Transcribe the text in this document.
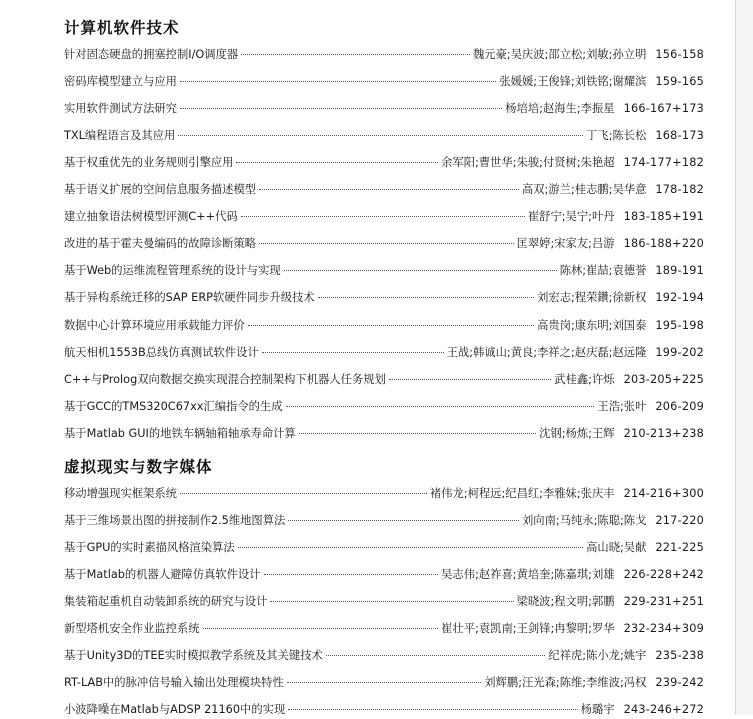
计算机软件技术
针对固态硬盘的拥塞控制I/O调度器	魏元豪;吴庆波;邵立松;刘敏;孙立明 156-158
密码库模型建立与应用	张媛媛;王俊锋;刘铁铭;谢耀滨 159-165
实用软件测试方法研究	杨培培;赵海生;李振星 166-167+173
TXL编程语言及其应用	丁飞;陈长松 168-173
基于权重优先的业务规则引擎应用	余军阳;曹世华;朱骏;付贤树;朱艳超 174-177+182
基于语义扩展的空间信息服务描述模型	高双;游兰;桂志鹏;吴华意 178-182
建立抽象语法树模型评测C++代码	崔舒宁;吴宁;叶丹 183-185+191
改进的基于霍夫曼编码的故障诊断策略	匡翠婷;宋家友;吕游 186-188+220
基于Web的运维流程管理系统的设计与实现	陈林;崔喆;袁德誉 189-191
基于异构系统迁移的SAP ERP软硬件同步升级技术	刘宏志;程荣鑽;徐新权 192-194
数据中心计算环境应用承载能力评价	高贵岗;康东明;刘国泰 195-198
航天相机1553B总线仿真测试软件设计	王战;韩诚山;黄良;李祥之;赵庆磊;赵远隆 199-202
C++与Prolog双向数据交换实现混合控制架构下机器人任务规划	武桂鑫;许烁 203-205+225
基于GCC的TMS320C67xx汇编指令的生成	王浩;张叶 206-209
基于Matlab GUI的地铁车辆轴箱轴承寿命计算	沈钢;杨炼;王辉 210-213+238
虚拟现实与数字媒体
移动增强现实框架系统	褚伟龙;柯程远;纪昌红;李雅妹;张庆丰 214-216+300
基于三维场景出图的拼接制作2.5维地图算法	刘向南;马纯永;陈聪;陈戈 217-220
基于GPU的实时素描风格渲染算法	高山晓;吴献 221-225
基于Matlab的机器人避障仿真软件设计	吴志伟;赵祚喜;黄培奎;陈嘉琪;刘雄 226-228+242
集装箱起重机自动装卸系统的研究与设计	梁晓波;程文明;郭鹏 229-231+251
新型塔机安全作业监控系统	崔壮平;袁凯南;王剑锋;冉黎明;罗华 232-234+309
基于Unity3D的TEE实时模拟教学系统及其关键技术	纪祥虎;陈小龙;姚宇 235-238
RT-LAB中的脉冲信号输入输出处理模块特性	刘辉鹏;汪光森;陈维;李维波;冯权 239-242
小波降噪在Matlab与ADSP 21160中的实现	杨璐宇 243-246+272
